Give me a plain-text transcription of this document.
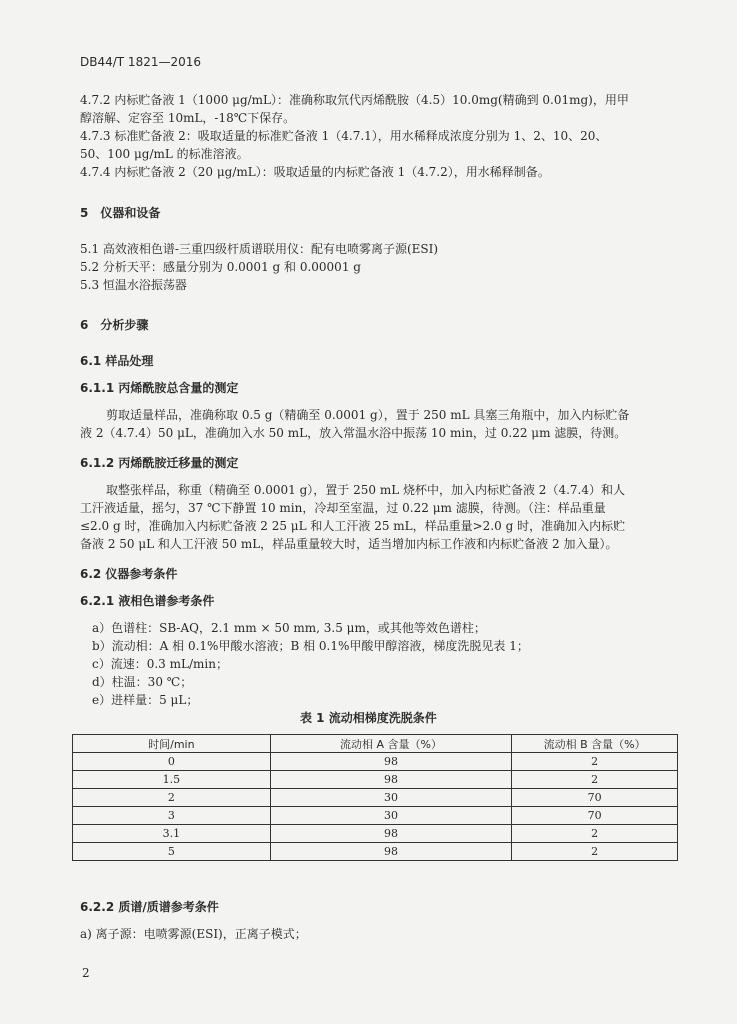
DB44/T 1821—2016
4.7.2 内标贮备液 1（1000 μg/mL）：准确称取氘代丙烯酰胺（4.5）10.0mg(精确到 0.01mg)，用甲
醇溶解、定容至 10mL，-18℃下保存。
4.7.3 标准贮备液 2：吸取适量的标准贮备液 1（4.7.1），用水稀释成浓度分别为 1、2、10、20、
50、100 μg/mL 的标准溶液。
4.7.4 内标贮备液 2（20 μg/mL）：吸取适量的内标贮备液 1（4.7.2），用水稀释制备。
5　仪器和设备
5.1 高效液相色谱-三重四级杆质谱联用仪：配有电喷雾离子源(ESI)
5.2 分析天平：感量分别为 0.0001 g 和 0.00001 g
5.3 恒温水浴振荡器
6　分析步骤
6.1 样品处理
6.1.1 丙烯酰胺总含量的测定
剪取适量样品，准确称取 0.5 g（精确至 0.0001 g），置于 250 mL 具塞三角瓶中，加入内标贮备
液 2（4.7.4）50 μL，准确加入水 50 mL，放入常温水浴中振荡 10 min，过 0.22 μm 滤膜，待测。
6.1.2 丙烯酰胺迁移量的测定
取整张样品，称重（精确至 0.0001 g），置于 250 mL 烧杯中，加入内标贮备液 2（4.7.4）和人
工汗液适量，摇匀，37 ℃下静置 10 min，冷却至室温，过 0.22 μm 滤膜，待测。（注：样品重量
≤2.0 g 时，准确加入内标贮备液 2 25 μL 和人工汗液 25 mL，样品重量>2.0 g 时，准确加入内标贮
备液 2 50 μL 和人工汗液 50 mL，样品重量较大时，适当增加内标工作液和内标贮备液 2 加入量）。
6.2 仪器参考条件
6.2.1 液相色谱参考条件
a）色谱柱：SB-AQ，2.1 mm × 50 mm, 3.5 μm，或其他等效色谱柱；
b）流动相：A 相 0.1%甲酸水溶液；B 相 0.1%甲酸甲醇溶液，梯度洗脱见表 1；
c）流速：0.3 mL/min；
d）柱温：30 ℃；
e）进样量：5 μL；
表 1 流动相梯度洗脱条件
时间/min	流动相 A 含量（%）	流动相 B 含量（%）
0	98	2
1.5	98	2
2	30	70
3	30	70
3.1	98	2
5	98	2
6.2.2 质谱/质谱参考条件
a) 离子源：电喷雾源(ESI)，正离子模式；
2
